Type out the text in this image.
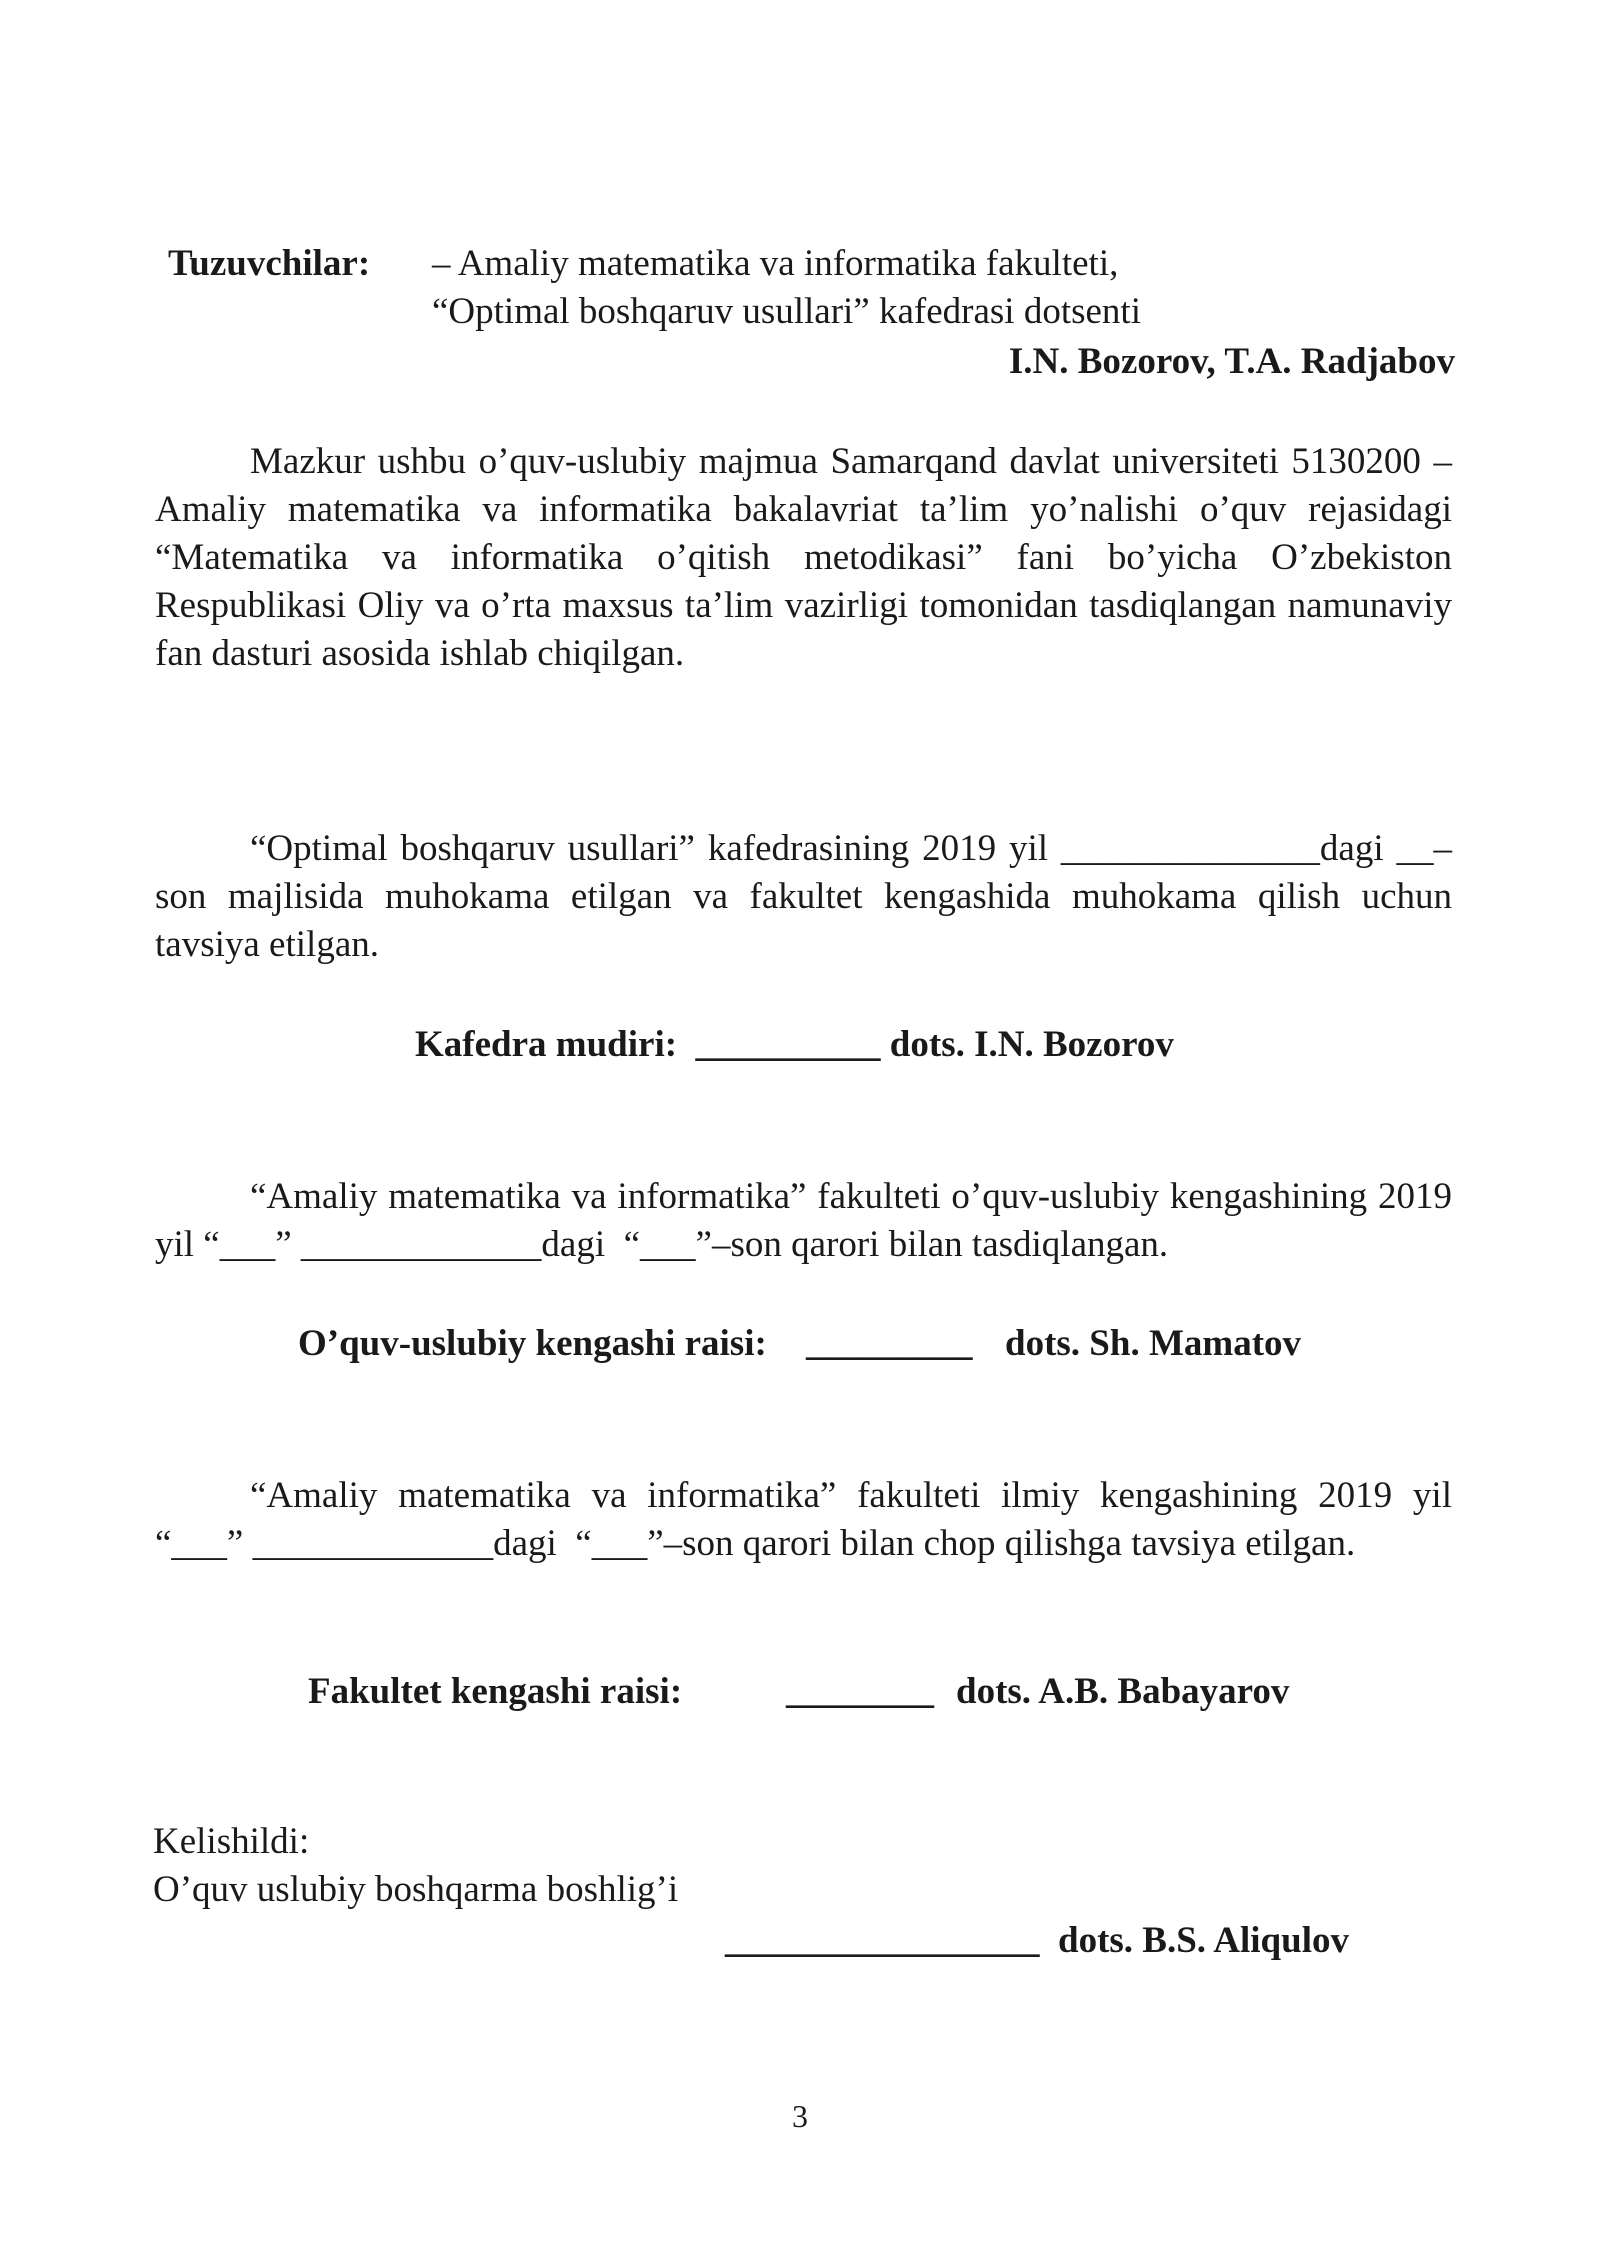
Tuzuvchilar: – Amaliy matematika va informatika fakulteti,
“Optimal boshqaruv usullari” kafedrasi dotsenti
I.N. Bozorov, T.A. Radjabov
Mazkur ushbu o’quv-uslubiy majmua Samarqand davlat universiteti 5130200 –
Amaliy matematika va informatika bakalavriat ta’lim yo’nalishi o’quv rejasidagi
“Matematika va informatika o’qitish metodikasi” fani bo’yicha O’zbekiston
Respublikasi Oliy va o’rta maxsus ta’lim vazirligi tomonidan tasdiqlangan namunaviy
fan dasturi asosida ishlab chiqilgan.
“Optimal boshqaruv usullari” kafedrasining 2019 yil ______________dagi __–
son majlisida muhokama etilgan va fakultet kengashida muhokama qilish uchun
tavsiya etilgan.
Kafedra mudiri:  __________ dots. I.N. Bozorov
“Amaliy matematika va informatika” fakulteti o’quv-uslubiy kengashining 2019
yil “___” _____________dagi  “___”–son qarori bilan tasdiqlangan.
O’quv-uslubiy kengashi raisi: _________ dots. Sh. Mamatov
“Amaliy matematika va informatika” fakulteti ilmiy kengashining 2019 yil
“___” _____________dagi  “___”–son qarori bilan chop qilishga tavsiya etilgan.
Fakultet kengashi raisi:	________ dots. A.B. Babayarov
Kelishildi:
O’quv uslubiy boshqarma boshlig’i
_________________ dots. B.S. Aliqulov
3
